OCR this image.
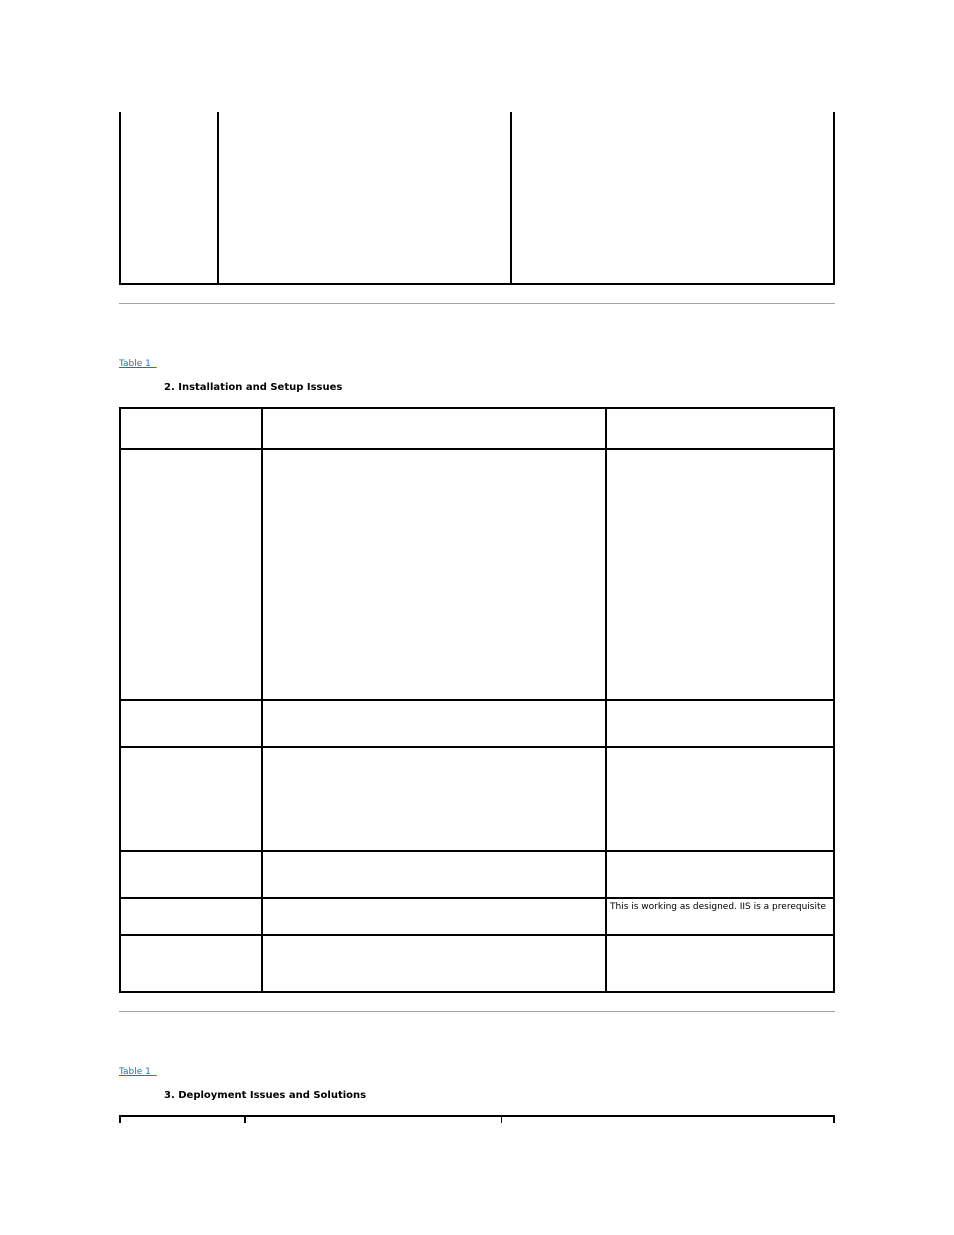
Table 1
2. Installation and Setup Issues
This is working as designed. IIS is a prerequisite
Table 1
3. Deployment Issues and Solutions
